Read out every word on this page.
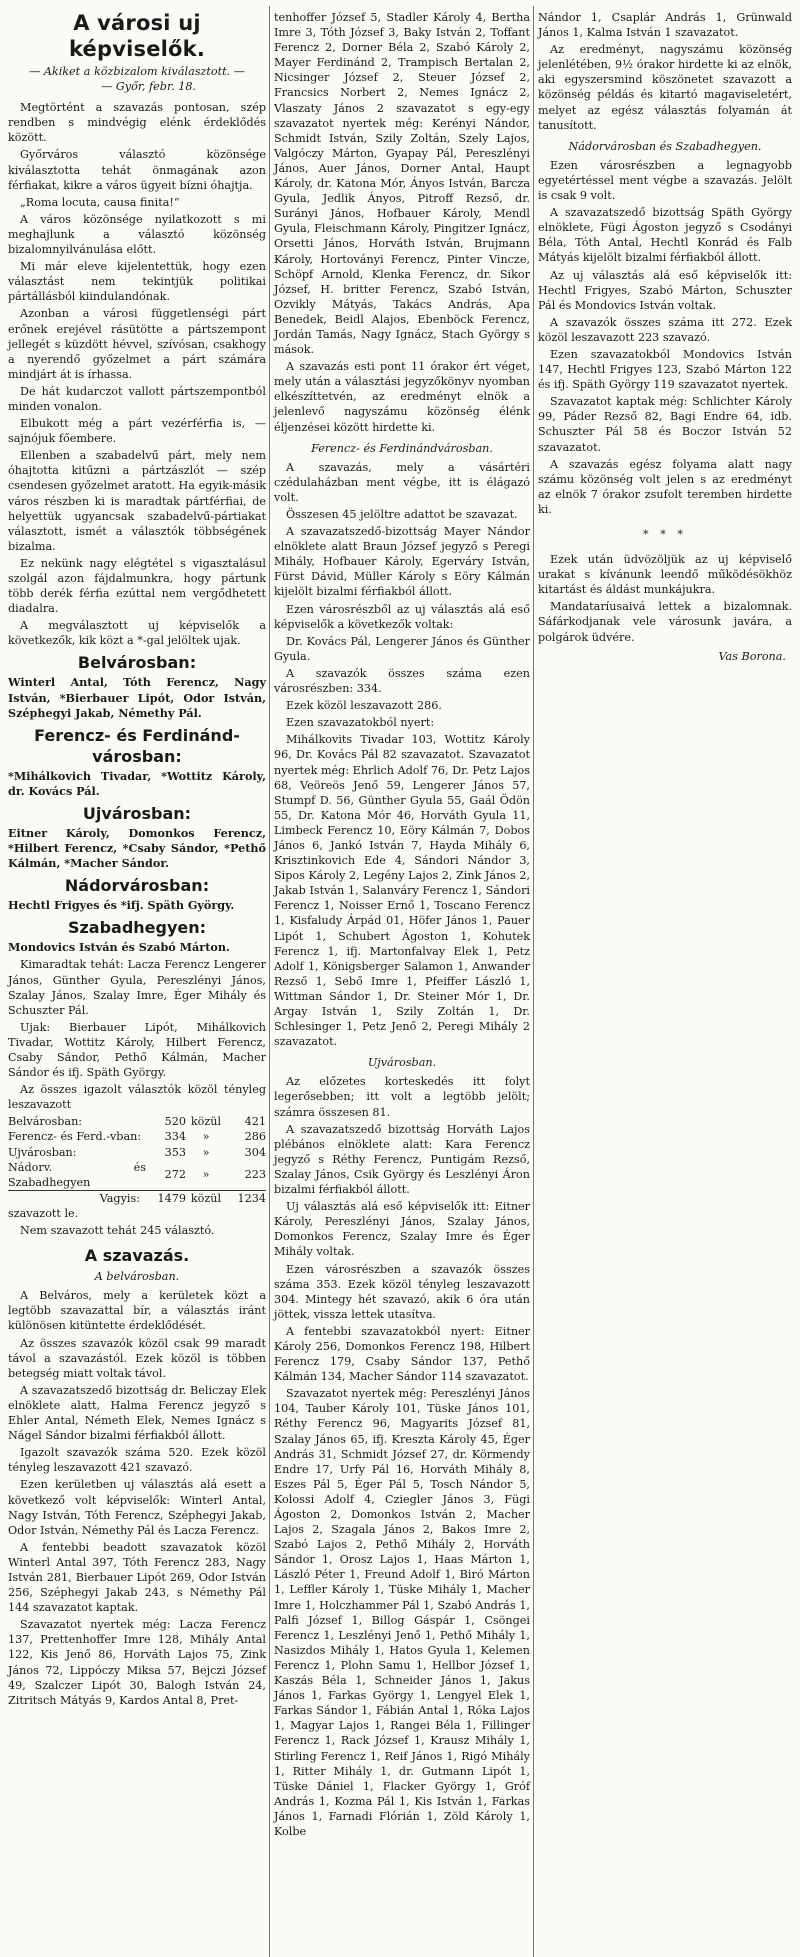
A városi uj képviselők.
— Akiket a közbizalom kiválasztott. —
— Győr, febr. 18.

Megtörtént a szavazás pontosan, szép rendben s mindvégig elénk érdeklődés között.

Győrváros választó közönsége kiválasztotta tehát önmagának azon férfiakat, kikre a város ügyeit bízni óhajtja.

„Roma locuta, causa finita!“

A város közönsége nyilatkozott s mi meghajlunk a választó közönség bizalomnyilvánulása előtt.

Mi már eleve kijelentettük, hogy ezen választást nem tekintjük politikai pártállásból kiindulandónak.

Azonban a városi függetlenségi párt erőnek erejével rásütötte a pártszempont jellegét s küzdött hévvel, szívósan, csakhogy a nyerendő győzelmet a párt számára mindjárt át is írhassa.

De hát kudarczot vallott pártszempontból minden vonalon.

Elbukott még a párt vezérférfia is, — sajnójuk főembere.

Ellenben a szabadelvű párt, mely nem óhajtotta kitűzni a pártzászlót — szép csendesen győzelmet aratott. Ha egyik-másik város részben ki is maradtak pártférfiai, de helyettük ugyancsak szabadelvű-pártiakat választott, ismét a választók többségének bizalma.

Ez nekünk nagy elégtétel s vigasztalásul szolgál azon fájdalmunkra, hogy pártunk több derék férfia ezúttal nem vergődhetett diadalra.

A megválasztott uj képviselők a következők, kik közt a *-gal jelöltek ujak.

Belvárosban:

Winterl Antal, Tóth Ferencz, Nagy István, *Bierbauer Lipót, Odor István, Széphegyi Jakab, Némethy Pál.

Ferencz- és Ferdinánd-városban:

*Mihálkovich Tivadar, *Wottitz Károly, dr. Kovács Pál.

Ujvárosban:

Eitner Károly, Domonkos Ferencz, *Hilbert Ferencz, *Csaby Sándor, *Pethő Kálmán, *Macher Sándor.

Nádorvárosban:

Hechtl Frigyes és *ifj. Späth György.

Szabadhegyen:

Mondovics István és Szabó Márton.

Kimaradtak tehát: Lacza Ferencz Lengerer János, Günther Gyula, Pereszlényi János, Szalay János, Szalay Imre, Éger Mihály és Schuszter Pál.

Ujak: Bierbauer Lipót, Mihálkovich Tivadar, Wottitz Károly, Hilbert Ferencz, Csaby Sándor, Pethő Kálmán, Macher Sándor és ifj. Späth György.

Az összes igazolt választók közöl tényleg leszavazott

Belvárosban:	520	közül	421
Ferencz- és Ferd.-vban:	334	»	286
Ujvárosban:	353	»	304
Nádorv. és Szabadhegyen	272	»	223
Vagyis:	1479	közül	1234

szavazott le.

Nem szavazott tehát 245 választó.

A szavazás.
A belvárosban.

A Belváros, mely a kerületek közt a legtöbb szavazattal bír, a választás iránt különösen kitüntette érdeklődését.

Az összes szavazók közöl csak 99 maradt távol a szavazástól. Ezek közöl is többen betegség miatt voltak távol.

A szavazatszedő bizottság dr. Beliczay Elek elnöklete alatt, Halma Ferencz jegyző s Ehler Antal, Németh Elek, Nemes Ignácz s Nágel Sándor bizalmi férfiakból állott.

Igazolt szavazók száma 520. Ezek közöl tényleg leszavazott 421 szavazó.

Ezen kerületben uj választás alá esett a következő volt képviselők: Winterl Antal, Nagy István, Tóth Ferencz, Széphegyi Jakab, Odor István, Némethy Pál és Lacza Ferencz.

A fentebbi beadott szavazatok közöl Winterl Antal 397, Tóth Ferencz 283, Nagy István 281, Bierbauer Lipót 269, Odor István 256, Széphegyi Jakab 243, s Némethy Pál 144 szavazatot kaptak.

Szavazatot nyertek még: Lacza Ferencz 137, Prettenhoffer Imre 128, Mihály Antal 122, Kis Jenő 86, Horváth Lajos 75, Zink János 72, Lippóczy Miksa 57, Bejczi József 49, Szalczer Lipót 30, Balogh István 24, Zitritsch Mátyás 9, Kardos Antal 8, Pret-

tenhoffer József 5, Stadler Károly 4, Bertha Imre 3, Tóth József 3, Baky István 2, Toffant Ferencz 2, Dorner Béla 2, Szabó Károly 2, Mayer Ferdinánd 2, Trampisch Bertalan 2, Nicsinger József 2, Steuer József 2, Francsics Norbert 2, Nemes Ignácz 2, Vlaszaty János 2 szavazatot s egy-egy szavazatot nyertek még: Kerényi Nándor, Schmidt István, Szily Zoltán, Szely Lajos, Valgóczy Márton, Gyapay Pál, Pereszlényi János, Auer János, Dorner Antal, Haupt Károly, dr. Katona Mór, Ányos István, Barcza Gyula, Jedlik Ányos, Pitroff Rezső, dr. Surányi János, Hofbauer Károly, Mendl Gyula, Fleischmann Károly, Pingitzer Ignácz, Orsetti János, Horváth István, Brujmann Károly, Hortoványi Ferencz, Pinter Vincze, Schöpf Arnold, Klenka Ferencz, dr. Sikor József, H. britter Ferencz, Szabó István, Ozvikly Mátyás, Takács András, Apa Benedek, Beidl Alajos, Ebenböck Ferencz, Jordán Tamás, Nagy Ignácz, Stach György s mások.

A szavazás esti pont 11 órakor ért véget, mely után a választási jegyzőkönyv nyomban elkészíttetvén, az eredményt elnök a jelenlevő nagyszámu közönség élénk éljenzései között hirdette ki.

Ferencz- és Ferdinándvárosban.

A szavazás, mely a vásártéri czédulaházban ment végbe, itt is élágazó volt.

Összesen 45 jelöltre adattot be szavazat.

A szavazatszedő-bizottság Mayer Nándor elnöklete alatt Braun József jegyző s Peregi Mihály, Hofbauer Károly, Egerváry István, Fürst Dávid, Müller Károly s Eöry Kálmán kijelölt bizalmi férfiakból állott.

Ezen városrészből az uj választás alá eső képviselők a következők voltak:

Dr. Kovács Pál, Lengerer János és Günther Gyula.

A szavazók összes száma ezen városrészben: 334.

Ezek közöl leszavazott 286.

Ezen szavazatokból nyert:

Mihálkovits Tivadar 103, Wottitz Károly 96, Dr. Kovács Pál 82 szavazatot. Szavazatot nyertek még: Ehrlich Adolf 76, Dr. Petz Lajos 68, Veöreös Jenő 59, Lengerer János 57, Stumpf D. 56, Günther Gyula 55, Gaál Ödön 55, Dr. Katona Mór 46, Horváth Gyula 11, Limbeck Ferencz 10, Eöry Kálmán 7, Dobos János 6, Jankó István 7, Hayda Mihály 6, Krisztinkovich Ede 4, Sándori Nándor 3, Sipos Károly 2, Legény Lajos 2, Zink János 2, Jakab István 1, Salanváry Ferencz 1, Sándori Ferencz 1, Noisser Ernő 1, Toscano Ferencz 1, Kisfaludy Árpád 01, Höfer János 1, Pauer Lipót 1, Schubert Ágoston 1, Kohutek Ferencz 1, ifj. Martonfalvay Elek 1, Petz Adolf 1, Königsberger Salamon 1, Anwander Rezső 1, Sebő Imre 1, Pfeiffer László 1, Wittman Sándor 1, Dr. Steiner Mór 1, Dr. Argay István 1, Szily Zoltán 1, Dr. Schlesinger 1, Petz Jenő 2, Peregi Mihály 2 szavazatot.

Ujvárosban.

Az előzetes korteskedés itt folyt legerősebben; itt volt a legtöbb jelölt; számra összesen 81.

A szavazatszedő bizottság Horváth Lajos plébános elnöklete alatt: Kara Ferencz jegyző s Réthy Ferencz, Puntigám Rezső, Szalay János, Csik György és Leszlényi Áron bizalmi férfiakból állott.

Uj választás alá eső képviselők itt: Eitner Károly, Pereszlényi János, Szalay János, Domonkos Ferencz, Szalay Imre és Éger Mihály voltak.

Ezen városrészben a szavazók összes száma 353. Ezek közöl tényleg leszavazott 304. Mintegy hét szavazó, akik 6 óra után jöttek, vissza lettek utasítva.

A fentebbi szavazatokból nyert: Eitner Károly 256, Domonkos Ferencz 198, Hilbert Ferencz 179, Csaby Sándor 137, Pethő Kálmán 134, Macher Sándor 114 szavazatot.

Szavazatot nyertek még: Pereszlényi János 104, Tauber Károly 101, Tüske János 101, Réthy Ferencz 96, Magyarits József 81, Szalay János 65, ifj. Kreszta Károly 45, Éger András 31, Schmidt József 27, dr. Körmendy Endre 17, Urfy Pál 16, Horváth Mihály 8, Eszes Pál 5, Éger Pál 5, Tosch Nándor 5, Kolossi Adolf 4, Cziegler János 3, Fügi Ágoston 2, Domonkos István 2, Macher Lajos 2, Szagala János 2, Bakos Imre 2, Szabó Lajos 2, Pethő Mihály 2, Horváth Sándor 1, Orosz Lajos 1, Haas Márton 1, László Péter 1, Freund Adolf 1, Biró Márton 1, Leffler Károly 1, Tüske Mihály 1, Macher Imre 1, Holczhammer Pál 1, Szabó András 1, Palfi József 1, Billog Gáspár 1, Csöngei Ferencz 1, Leszlényi Jenő 1, Pethő Mihály 1, Nasizdos Mihály 1, Hatos Gyula 1, Kelemen Ferencz 1, Plohn Samu 1, Hellbor József 1, Kaszás Béla 1, Schneider János 1, Jakus János 1, Farkas György 1, Lengyel Elek 1, Farkas Sándor 1, Fábián Antal 1, Róka Lajos 1, Magyar Lajos 1, Rangei Béla 1, Fillinger Ferencz 1, Rack József 1, Krausz Mihály 1, Stirling Ferencz 1, Reif János 1, Rigó Mihály 1, Ritter Mihály 1, dr. Gutmann Lipót 1, Tüske Dániel 1, Flacker György 1, Gróf András 1, Kozma Pál 1, Kis István 1, Farkas János 1, Farnadi Flórián 1, Zöld Károly 1, Kolbe

Nándor 1, Csaplár András 1, Grünwald János 1, Kalma István 1 szavazatot.

Az eredményt, nagyszámu közönség jelenlétében, 9½ órakor hirdette ki az elnök, aki egyszersmind köszönetet szavazott a közönség példás és kitartó magaviseletért, melyet az egész választás folyamán át tanusított.

Nádorvárosban és Szabadhegyen.

Ezen városrészben a legnagyobb egyetértéssel ment végbe a szavazás. Jelölt is csak 9 volt.

A szavazatszedő bizottság Späth György elnöklete, Fügi Ágoston jegyző s Csodányi Béla, Tóth Antal, Hechtl Konrád és Falb Mátyás kijelölt bizalmi férfiakból állott.

Az uj választás alá eső képviselők itt: Hechtl Frigyes, Szabó Márton, Schuszter Pál és Mondovics István voltak.

A szavazók összes száma itt 272. Ezek közöl leszavazott 223 szavazó.

Ezen szavazatokból Mondovics István 147, Hechtl Frigyes 123, Szabó Márton 122 és ifj. Späth György 119 szavazatot nyertek.

Szavazatot kaptak még: Schlichter Károly 99, Páder Rezső 82, Bagi Endre 64, idb. Schuszter Pál 58 és Boczor István 52 szavazatot.

A szavazás egész folyama alatt nagy számu közönség volt jelen s az eredményt az elnök 7 órakor zsufolt teremben hirdette ki.

* * *

Ezek után üdvözöljük az uj képviselő urakat s kívánunk leendő működésökhöz kitartást és áldást munkájukra.

Mandataríusaivá lettek a bizalomnak. Sáfárkodjanak vele városunk javára, a polgárok üdvére.

Vas Borona.
